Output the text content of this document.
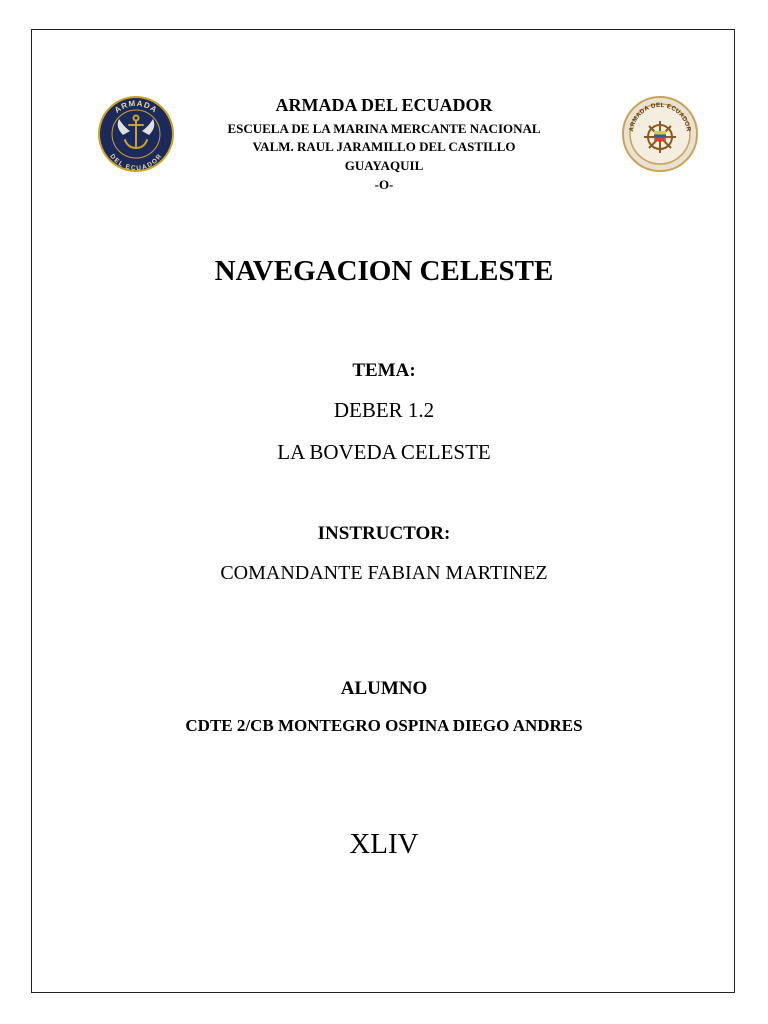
ARMADA
DEL ECUADOR
ARMADA DEL ECUADOR
ARMADA DEL ECUADOR
ESCUELA DE LA MARINA MERCANTE NACIONAL
VALM. RAUL JARAMILLO DEL CASTILLO
GUAYAQUIL
-O-
NAVEGACION CELESTE
TEMA:
DEBER 1.2
LA BOVEDA CELESTE
INSTRUCTOR:
COMANDANTE FABIAN MARTINEZ
ALUMNO
CDTE 2/CB MONTEGRO OSPINA DIEGO ANDRES
XLIV
